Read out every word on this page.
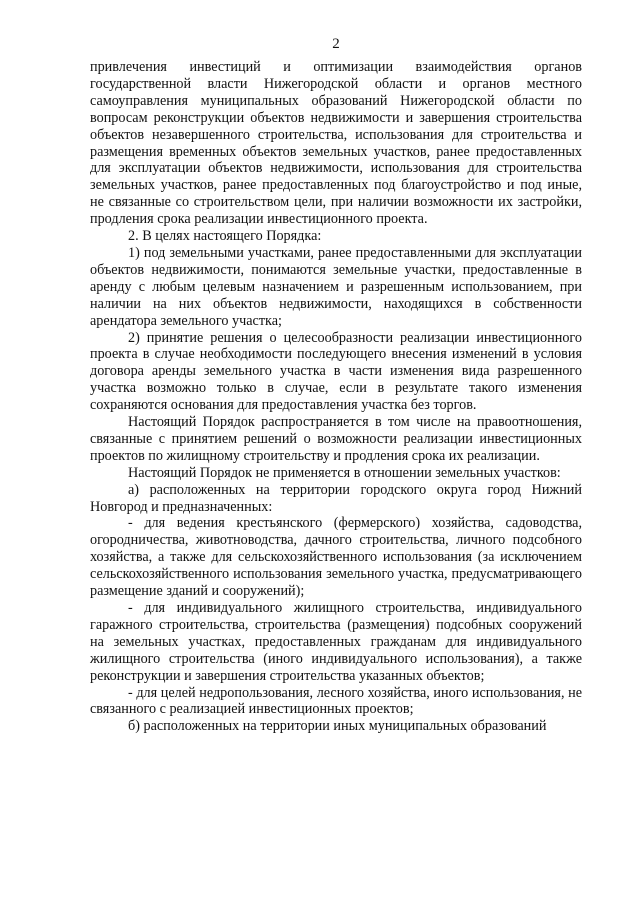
2

привлечения инвестиций и оптимизации взаимодействия органов государственной власти Нижегородской области и органов местного самоуправления муниципальных образований Нижегородской области по вопросам реконструкции объектов недвижимости и завершения строительства объектов незавершенного строительства, использования для строительства и размещения временных объектов земельных участков, ранее предоставленных для эксплуатации объектов недвижимости, использования для строительства земельных участков, ранее предоставленных под благоустройство и под иные, не связанные со строительством цели, при наличии возможности их застройки, продления срока реализации инвестиционного проекта.

2. В целях настоящего Порядка:

1) под земельными участками, ранее предоставленными для эксплуатации объектов недвижимости, понимаются земельные участки, предоставленные в аренду с любым целевым назначением и разрешенным использованием, при наличии на них объектов недвижимости, находящихся в собственности арендатора земельного участка;

2) принятие решения о целесообразности реализации инвестиционного проекта в случае необходимости последующего внесения изменений в условия договора аренды земельного участка в части изменения вида разрешенного участка возможно только в случае, если в результате такого изменения сохраняются основания для предоставления участка без торгов.

Настоящий Порядок распространяется в том числе на правоотношения, связанные с принятием решений о возможности реализации инвестиционных проектов по жилищному строительству и продления срока их реализации.

Настоящий Порядок не применяется в отношении земельных участков:

а) расположенных на территории городского округа город Нижний Новгород и предназначенных:

- для ведения крестьянского (фермерского) хозяйства, садоводства, огородничества, животноводства, дачного строительства, личного подсобного хозяйства, а также для сельскохозяйственного использования (за исключением сельскохозяйственного использования земельного участка, предусматривающего размещение зданий и сооружений);

- для индивидуального жилищного строительства, индивидуального гаражного строительства, строительства (размещения) подсобных сооружений на земельных участках, предоставленных гражданам для индивидуального жилищного строительства (иного индивидуального использования), а также реконструкции и завершения строительства указанных объектов;

- для целей недропользования, лесного хозяйства, иного использования, не связанного с реализацией инвестиционных проектов;

б) расположенных на территории иных муниципальных образований
